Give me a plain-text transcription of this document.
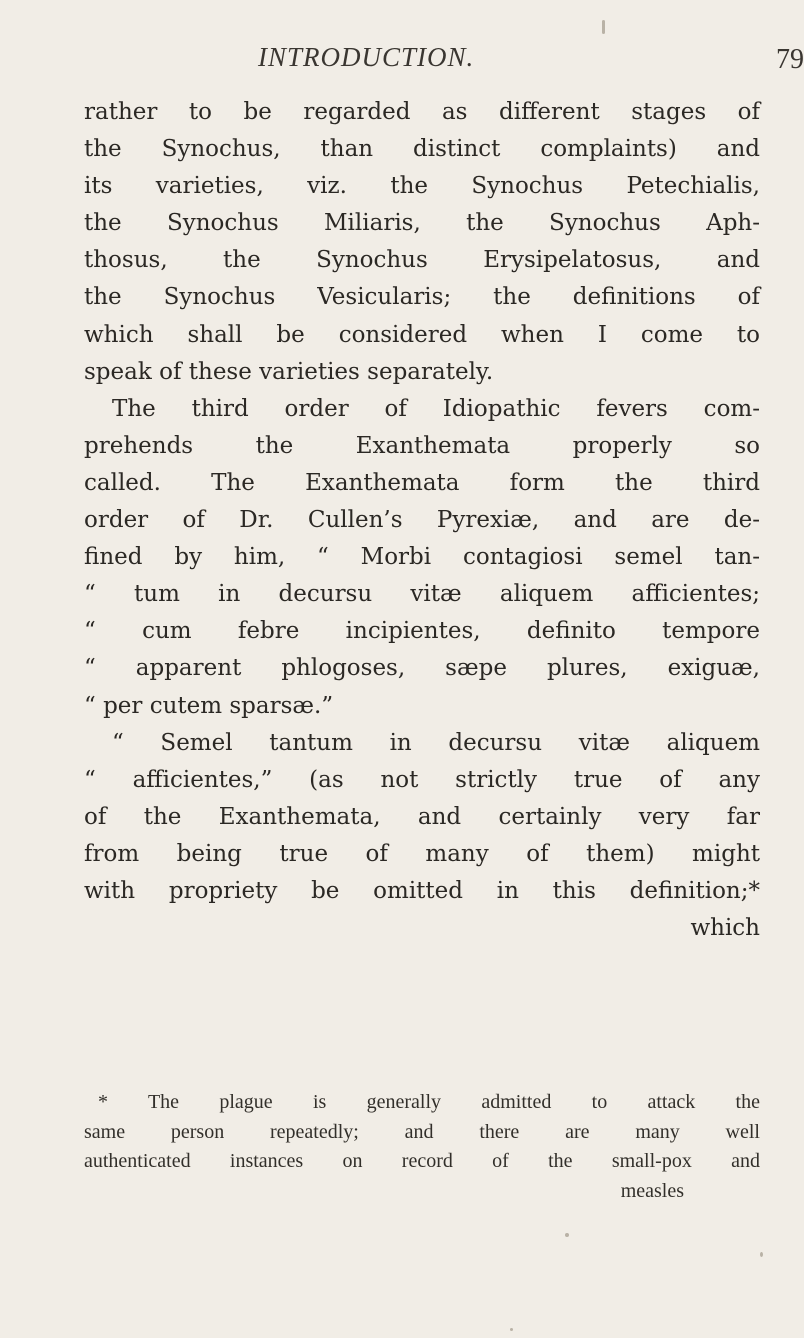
INTRODUCTION.	79
rather to be regarded as different stages of
the Synochus, than distinct complaints) and
its varieties, viz. the Synochus Petechialis,
the Synochus Miliaris, the Synochus Aph-
thosus, the Synochus Erysipelatosus, and
the Synochus Vesicularis; the definitions of
which shall be considered when I come to
speak of these varieties separately.
The third order of Idiopathic fevers com-
prehends the Exanthemata properly so
called. The Exanthemata form the third
order of Dr. Cullen’s Pyrexiæ, and are de-
fined by him, “ Morbi contagiosi semel tan-
“ tum in decursu vitæ aliquem afficientes;
“ cum febre incipientes, definito tempore
“ apparent phlogoses, sæpe plures, exiguæ,
“ per cutem sparsæ.”
“ Semel tantum in decursu vitæ aliquem
“ afficientes,” (as not strictly true of any
of the Exanthemata, and certainly very far
from being true of many of them) might
with propriety be omitted in this definition;*
which
* The plague is generally admitted to attack the
same person repeatedly; and there are many well
authenticated instances on record of the small-pox and
measles
